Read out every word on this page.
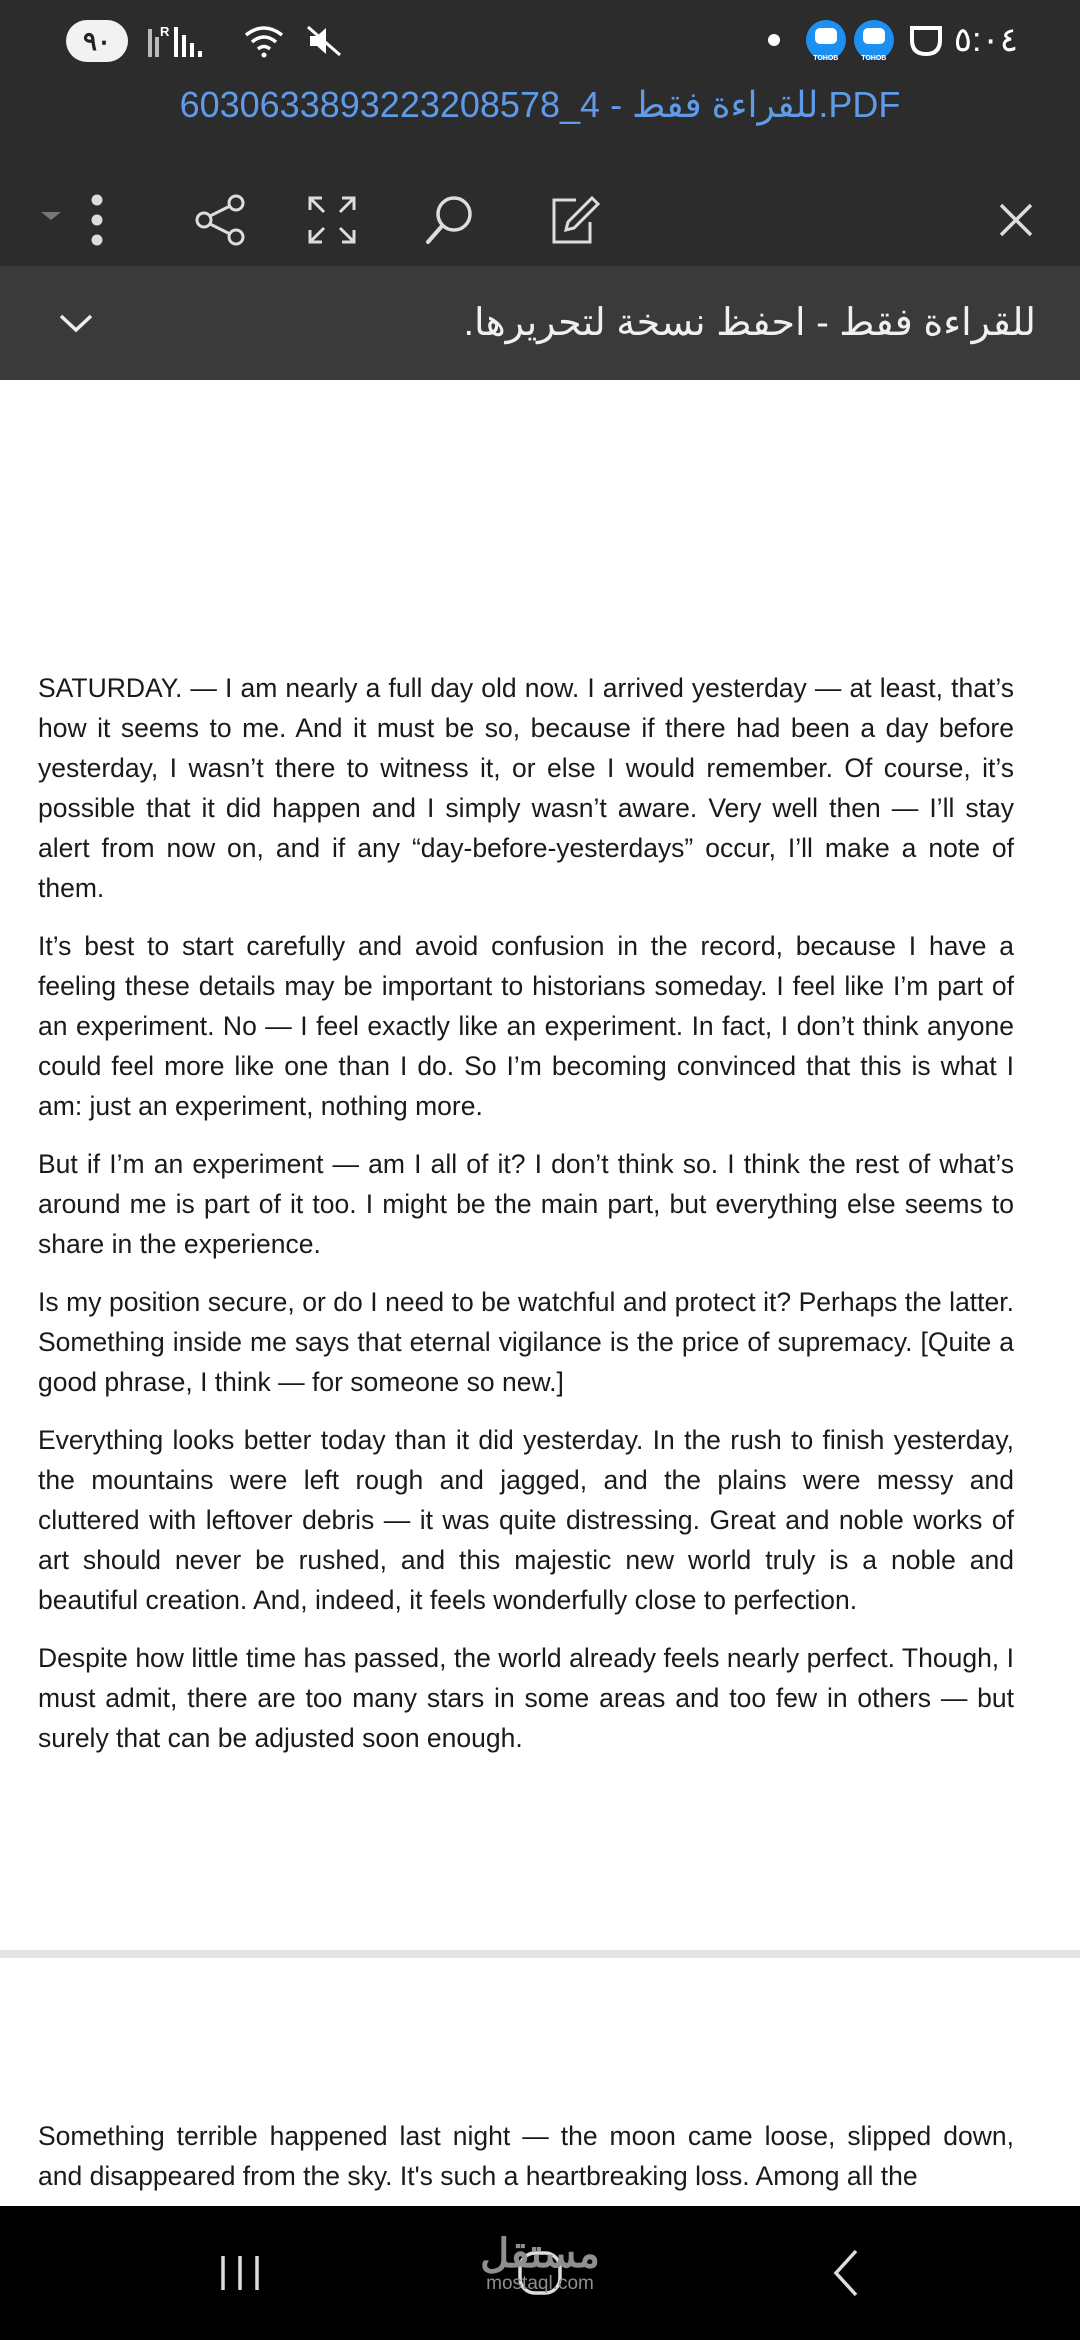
٩٠	R
TOHOB	TOHOB ٥:٠٤
للقراءة فقط - 4_6030633893223208578.PDF
للقراءة فقط - احفظ نسخة لتحريرها.

SATURDAY. — I am nearly a full day old now. I arrived yesterday — at least, that’s how it seems to me. And it must be so, because if there had been a day before yesterday, I wasn’t there to witness it, or else I would remember. Of course, it’s possible that it did happen and I simply wasn’t aware. Very well then — I’ll stay alert from now on, and if any “day-before-yesterdays” occur, I’ll make a note of them.

It’s best to start carefully and avoid confusion in the record, because I have a feeling these details may be important to historians someday. I feel like I’m part of an experiment. No — I feel exactly like an experiment. In fact, I don’t think anyone could feel more like one than I do. So I’m becoming convinced that this is what I am: just an experiment, nothing more.

But if I’m an experiment — am I all of it? I don’t think so. I think the rest of what’s around me is part of it too. I might be the main part, but everything else seems to share in the experience.

Is my position secure, or do I need to be watchful and protect it? Perhaps the latter. Something inside me says that eternal vigilance is the price of supremacy. [Quite a good phrase, I think — for someone so new.]

Everything looks better today than it did yesterday. In the rush to finish yesterday, the mountains were left rough and jagged, and the plains were messy and cluttered with leftover debris — it was quite distressing. Great and noble works of art should never be rushed, and this majestic new world truly is a noble and beautiful creation. And, indeed, it feels wonderfully close to perfection.

Despite how little time has passed, the world already feels nearly perfect. Though, I must admit, there are too many stars in some areas and too few in others — but surely that can be adjusted soon enough.

Something terrible happened last night — the moon came loose, slipped down, and disappeared from the sky. It's such a heartbreaking loss. Among all the

مستقل
mostaql.com
